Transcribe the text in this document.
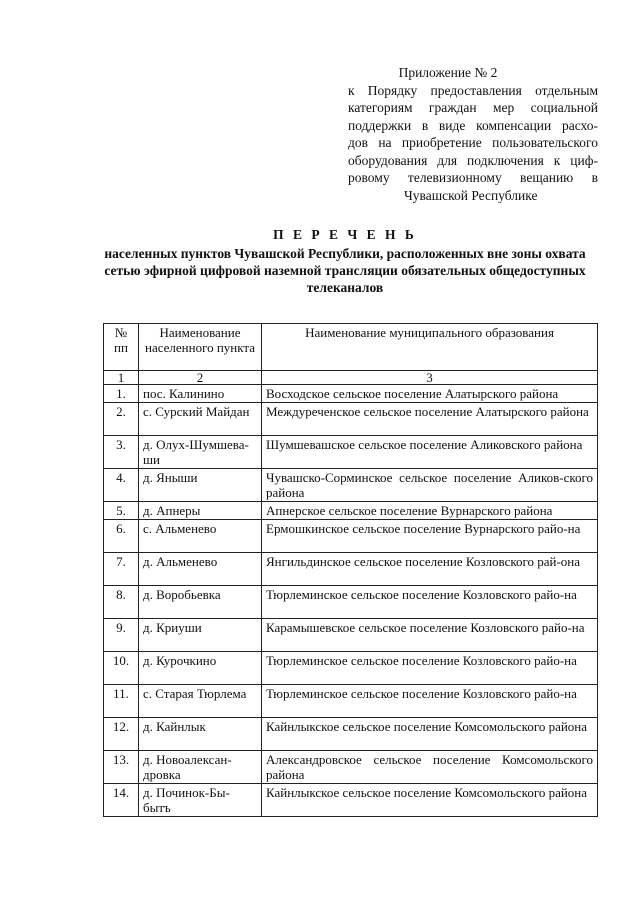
Приложение № 2
к Порядку предоставления отдельным
категориям граждан мер социальной
поддержки в виде компенсации расхо-
дов на приобретение пользовательского
оборудования для подключения к циф-
ровому телевизионному вещанию в
Чувашской Республике
П Е Р Е Ч Е Н Ь
населенных пунктов Чувашской Республики, расположенных вне зоны охвата сетью эфирной цифровой наземной трансляции обязательных общедоступных телеканалов
№ пп	Наименование населенного пункта	Наименование муниципального образования
1	2	3
1.	пос. Калинино	Восходское сельское поселение Алатырского района
2.	с. Сурский Майдан	Междуреченское сельское поселение Алатырского района
3.	д. Олух-Шумшева-ши	Шумшевашское сельское поселение Аликовского района
4.	д. Яныши	Чувашско-Сорминское сельское поселение Аликов-ского района
5.	д. Апнеры	Апнерское сельское поселение Вурнарского района
6.	с. Альменево	Ермошкинское сельское поселение Вурнарского райо-на
7.	д. Альменево	Янгильдинское сельское поселение Козловского рай-она
8.	д. Воробьевка	Тюрлеминское сельское поселение Козловского райо-на
9.	д. Криуши	Карамышевское сельское поселение Козловского райо-на
10.	д. Курочкино	Тюрлеминское сельское поселение Козловского райо-на
11.	с. Старая Тюрлема	Тюрлеминское сельское поселение Козловского райо-на
12.	д. Кайнлык	Кайнлыкское сельское поселение Комсомольского района
13.	д. Новоалексан-дровка	Александровское сельское поселение Комсомольского района
14.	д. Починок-Бы-бытъ	Кайнлыкское сельское поселение Комсомольского района
